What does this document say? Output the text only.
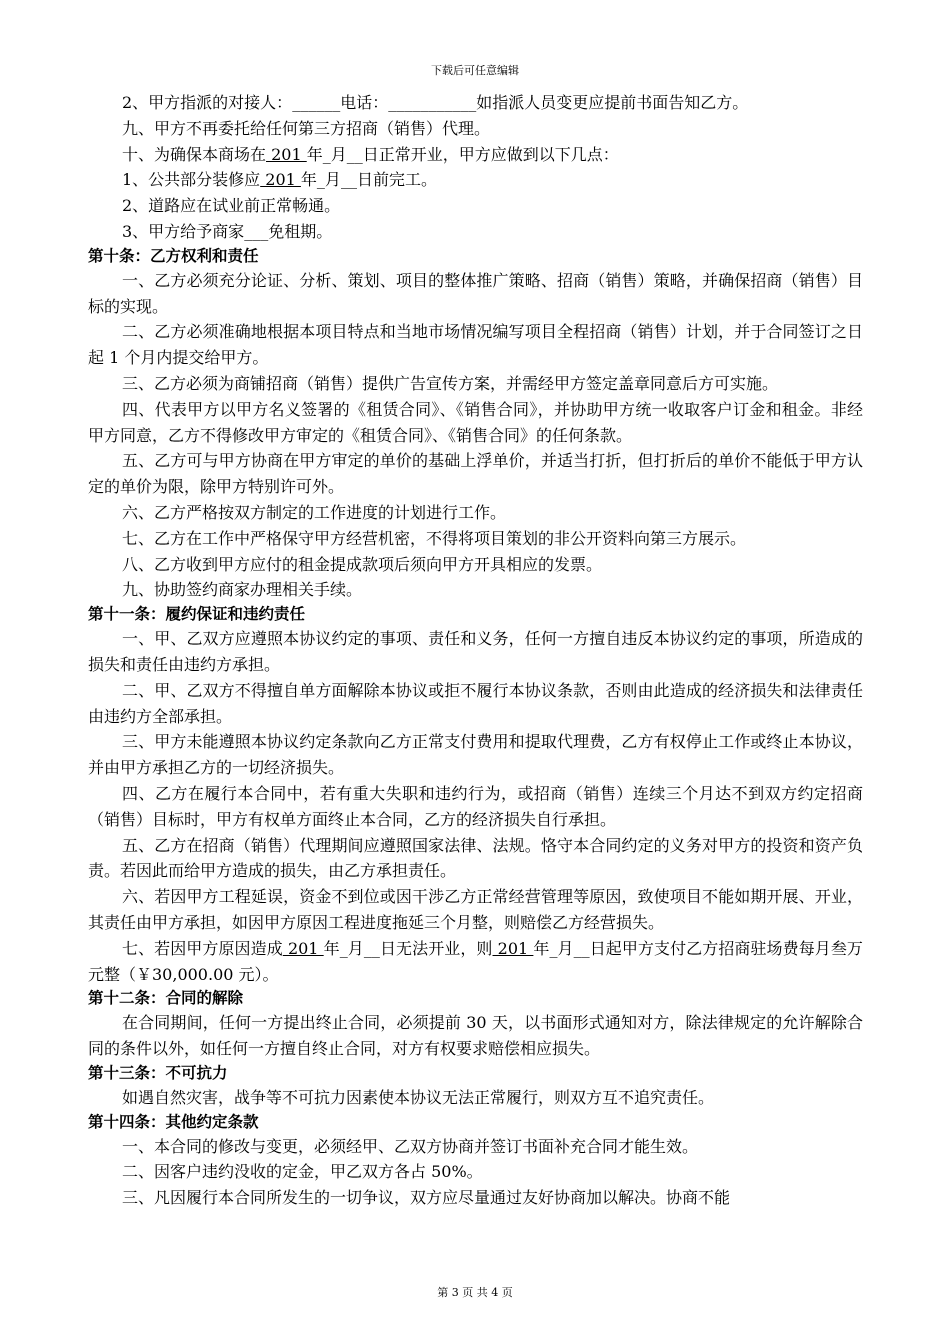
下载后可任意编辑

2、甲方指派的对接人：______电话：___________如指派人员变更应提前书面告知乙方。

九、甲方不再委托给任何第三方招商（销售）代理。

十、为确保本商场在 201 年_月__日正常开业，甲方应做到以下几点：

1、公共部分装修应 201 年_月__日前完工。

2、道路应在试业前正常畅通。

3、甲方给予商家___免租期。

第十条：乙方权利和责任

一、乙方必须充分论证、分析、策划、项目的整体推广策略、招商（销售）策略，并确保招商（销售）目标的实现。

二、乙方必须准确地根据本项目特点和当地市场情况编写项目全程招商（销售）计划，并于合同签订之日起 1 个月内提交给甲方。

三、乙方必须为商铺招商（销售）提供广告宣传方案，并需经甲方签定盖章同意后方可实施。

四、代表甲方以甲方名义签署的《租赁合同》、《销售合同》，并协助甲方统一收取客户订金和租金。非经甲方同意，乙方不得修改甲方审定的《租赁合同》、《销售合同》的任何条款。

五、乙方可与甲方协商在甲方审定的单价的基础上浮单价，并适当打折，但打折后的单价不能低于甲方认定的单价为限，除甲方特别许可外。

六、乙方严格按双方制定的工作进度的计划进行工作。

七、乙方在工作中严格保守甲方经营机密，不得将项目策划的非公开资料向第三方展示。

八、乙方收到甲方应付的租金提成款项后须向甲方开具相应的发票。

九、协助签约商家办理相关手续。

第十一条：履约保证和违约责任

一、甲、乙双方应遵照本协议约定的事项、责任和义务，任何一方擅自违反本协议约定的事项，所造成的损失和责任由违约方承担。

二、甲、乙双方不得擅自单方面解除本协议或拒不履行本协议条款，否则由此造成的经济损失和法律责任由违约方全部承担。

三、甲方未能遵照本协议约定条款向乙方正常支付费用和提取代理费，乙方有权停止工作或终止本协议，并由甲方承担乙方的一切经济损失。

四、乙方在履行本合同中，若有重大失职和违约行为，或招商（销售）连续三个月达不到双方约定招商（销售）目标时，甲方有权单方面终止本合同，乙方的经济损失自行承担。

五、乙方在招商（销售）代理期间应遵照国家法律、法规。恪守本合同约定的义务对甲方的投资和资产负责。若因此而给甲方造成的损失，由乙方承担责任。

六、若因甲方工程延误，资金不到位或因干涉乙方正常经营管理等原因，致使项目不能如期开展、开业，其责任由甲方承担，如因甲方原因工程进度拖延三个月整，则赔偿乙方经营损失。

七、若因甲方原因造成 201 年_月__日无法开业，则 201 年_月__日起甲方支付乙方招商驻场费每月叁万元整（￥30,000.00 元）。

第十二条：合同的解除

在合同期间，任何一方提出终止合同，必须提前 30 天，以书面形式通知对方，除法律规定的允许解除合同的条件以外，如任何一方擅自终止合同，对方有权要求赔偿相应损失。

第十三条：不可抗力

如遇自然灾害，战争等不可抗力因素使本协议无法正常履行，则双方互不追究责任。

第十四条：其他约定条款

一、本合同的修改与变更，必须经甲、乙双方协商并签订书面补充合同才能生效。

二、因客户违约没收的定金，甲乙双方各占 50%。

三、凡因履行本合同所发生的一切争议，双方应尽量通过友好协商加以解决。协商不能

第 3 页 共 4 页
